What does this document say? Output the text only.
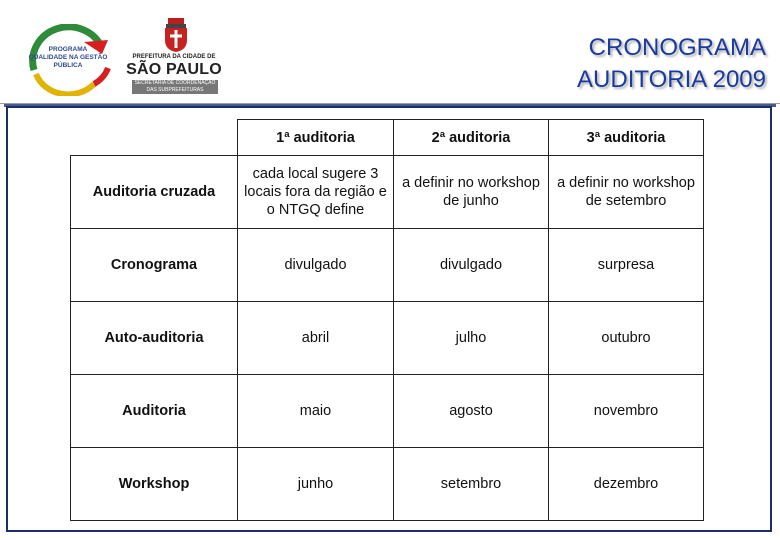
PROGRAMA
QUALIDADE NA GESTÃO
PÚBLICA
PREFEITURA DA CIDADE DE
SÃO PAULO
SECRETARIA DE COORDENAÇÃO
DAS SUBPREFEITURAS
CRONOGRAMA
AUDITORIA 2009
	1ª auditoria	2ª auditoria	3ª auditoria
Auditoria cruzada	cada local sugere 3 locais fora da região e o NTGQ define	a definir no workshop de junho	a definir no workshop de setembro
Cronograma	divulgado	divulgado	surpresa
Auto-auditoria	abril	julho	outubro
Auditoria	maio	agosto	novembro
Workshop	junho	setembro	dezembro
